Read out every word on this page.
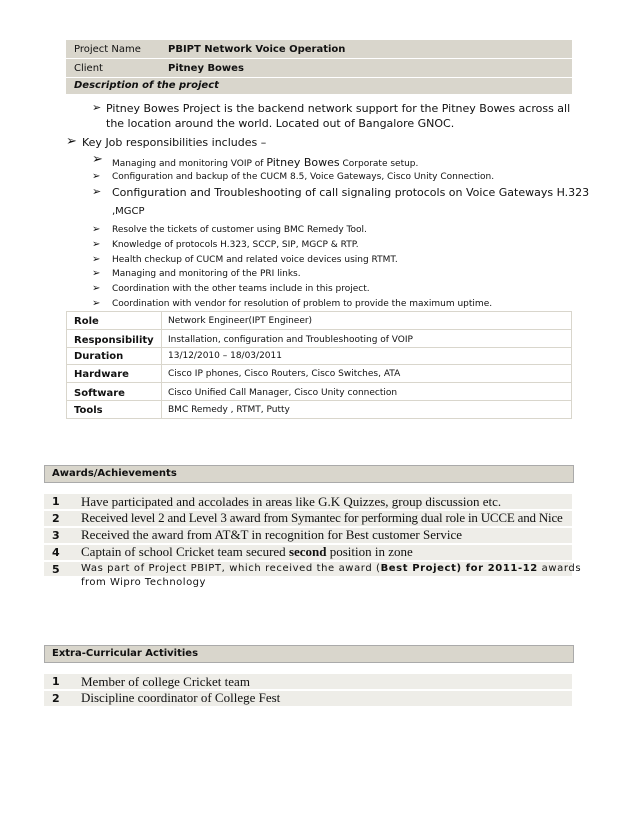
Project Name	PBIPT Network Voice Operation
Client	Pitney Bowes
Description of the project
➢ Pitney Bowes Project is the backend network support for the Pitney Bowes across all
the location around the world. Located out of Bangalore GNOC.
➢ Key Job responsibilities includes –
➢ Managing and monitoring VOIP of Pitney Bowes Corporate setup.
➢ Configuration and backup of the CUCM 8.5, Voice Gateways, Cisco Unity Connection.
➢ Configuration and Troubleshooting of call signaling protocols on Voice Gateways H.323
,MGCP
➢ Resolve the tickets of customer using BMC Remedy Tool.
➢ Knowledge of protocols H.323, SCCP, SIP, MGCP & RTP.
➢ Health checkup of CUCM and related voice devices using RTMT.
➢ Managing and monitoring of the PRI links.
➢ Coordination with the other teams include in this project.
➢ Coordination with vendor for resolution of problem to provide the maximum uptime.
Role	Network Engineer(IPT Engineer)
Responsibility Installation, configuration and Troubleshooting of VOIP
Duration	13/12/2010 – 18/03/2011
Hardware	Cisco IP phones, Cisco Routers, Cisco Switches, ATA
Software	Cisco Unified Call Manager, Cisco Unity connection
Tools	BMC Remedy , RTMT, Putty
Awards/Achievements
1 Have participated and accolades in areas like G.K Quizzes, group discussion etc.
2 Received level 2 and Level 3 award from Symantec for performing dual role in UCCE and Nice
3 Received the award from AT&T in recognition for Best customer Service
4 Captain of school Cricket team secured second position in zone
5 Was part of Project PBIPT, which received the award (Best Project) for 2011-12 awards
from Wipro Technology
Extra-Curricular Activities
1 Member of college Cricket team
2 Discipline coordinator of College Fest
